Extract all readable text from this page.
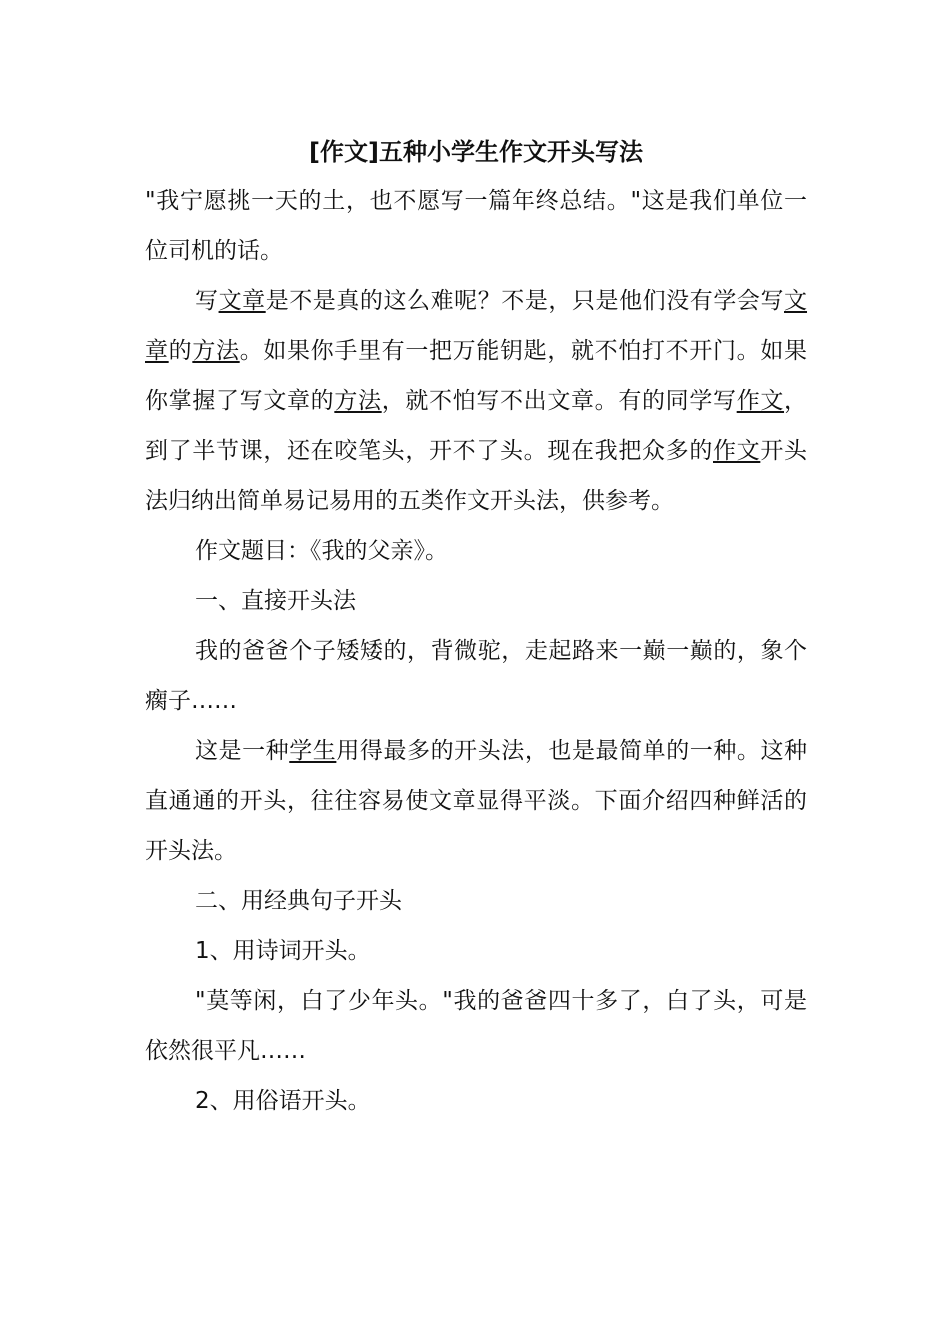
[作文]五种小学生作文开头写法

"我宁愿挑一天的土，也不愿写一篇年终总结。"这是我们单位一位司机的话。

写文章是不是真的这么难呢？不是，只是他们没有学会写文章的方法。如果你手里有一把万能钥匙，就不怕打不开门。如果你掌握了写文章的方法，就不怕写不出文章。有的同学写作文，到了半节课，还在咬笔头，开不了头。现在我把众多的作文开头法归纳出简单易记易用的五类作文开头法，供参考。

作文题目：《我的父亲》。

一、直接开头法

我的爸爸个子矮矮的，背微驼，走起路来一巅一巅的，象个瘸子……

这是一种学生用得最多的开头法，也是最简单的一种。这种直通通的开头，往往容易使文章显得平淡。下面介绍四种鲜活的开头法。

二、用经典句子开头

1、用诗词开头。

"莫等闲，白了少年头。"我的爸爸四十多了，白了头，可是依然很平凡……

2、用俗语开头。
